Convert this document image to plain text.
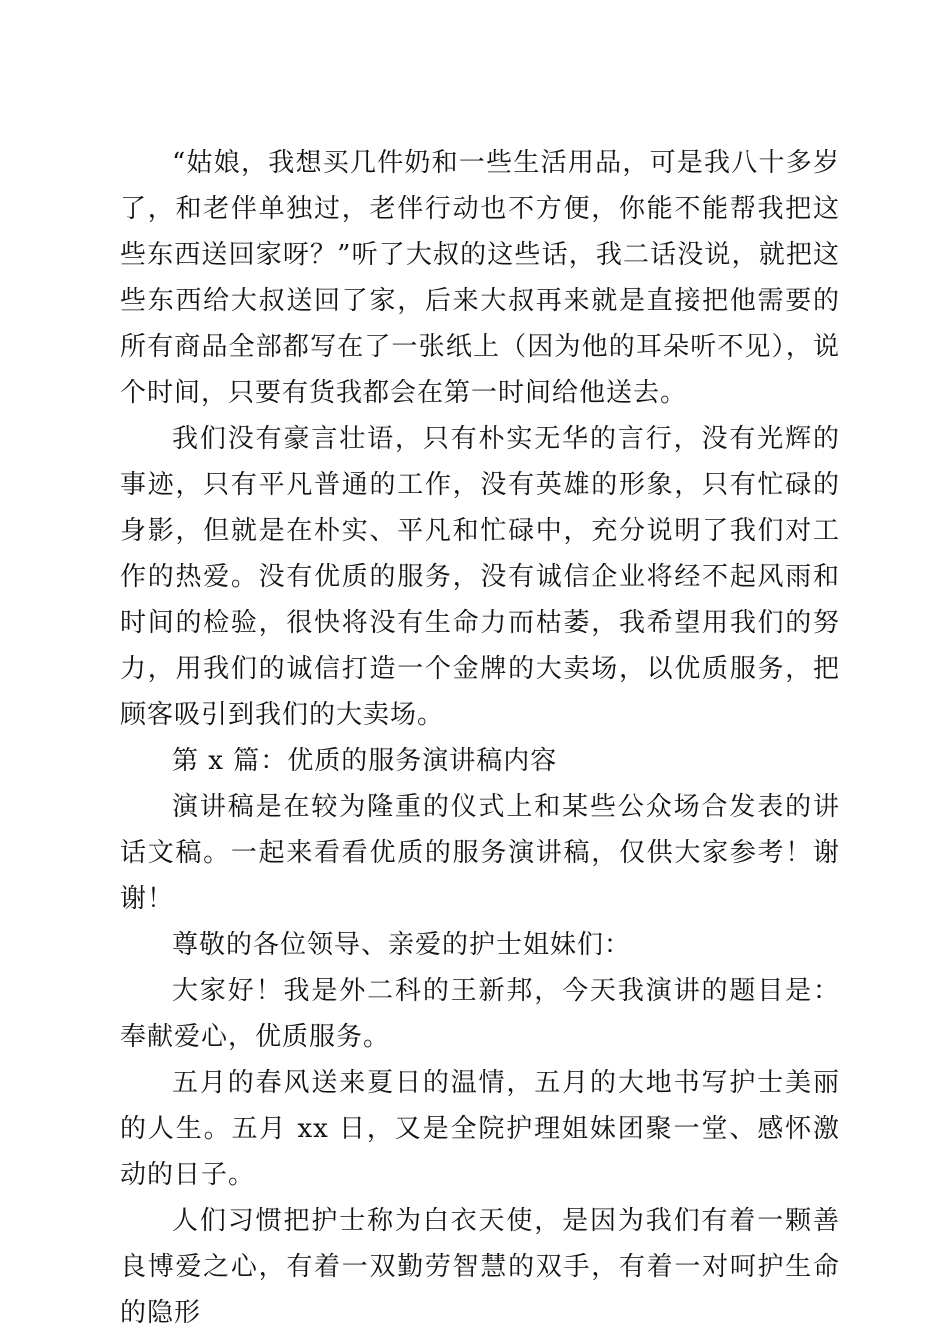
“姑娘，我想买几件奶和一些生活用品，可是我八十多岁了，和老伴单独过，老伴行动也不方便，你能不能帮我把这些东西送回家呀？”听了大叔的这些话，我二话没说，就把这些东西给大叔送回了家，后来大叔再来就是直接把他需要的所有商品全部都写在了一张纸上（因为他的耳朵听不见），说个时间，只要有货我都会在第一时间给他送去。

我们没有豪言壮语，只有朴实无华的言行，没有光辉的事迹，只有平凡普通的工作，没有英雄的形象，只有忙碌的身影，但就是在朴实、平凡和忙碌中，充分说明了我们对工作的热爱。没有优质的服务，没有诚信企业将经不起风雨和时间的检验，很快将没有生命力而枯萎，我希望用我们的努力，用我们的诚信打造一个金牌的大卖场，以优质服务，把顾客吸引到我们的大卖场。

第 x 篇：优质的服务演讲稿内容

演讲稿是在较为隆重的仪式上和某些公众场合发表的讲话文稿。一起来看看优质的服务演讲稿，仅供大家参考！谢谢！

尊敬的各位领导、亲爱的护士姐妹们：

大家好！我是外二科的王新邦，今天我演讲的题目是：奉献爱心，优质服务。

五月的春风送来夏日的温情，五月的大地书写护士美丽的人生。五月 xx 日，又是全院护理姐妹团聚一堂、感怀激动的日子。

人们习惯把护士称为白衣天使，是因为我们有着一颗善良博爱之心，有着一双勤劳智慧的双手，有着一对呵护生命的隐形
